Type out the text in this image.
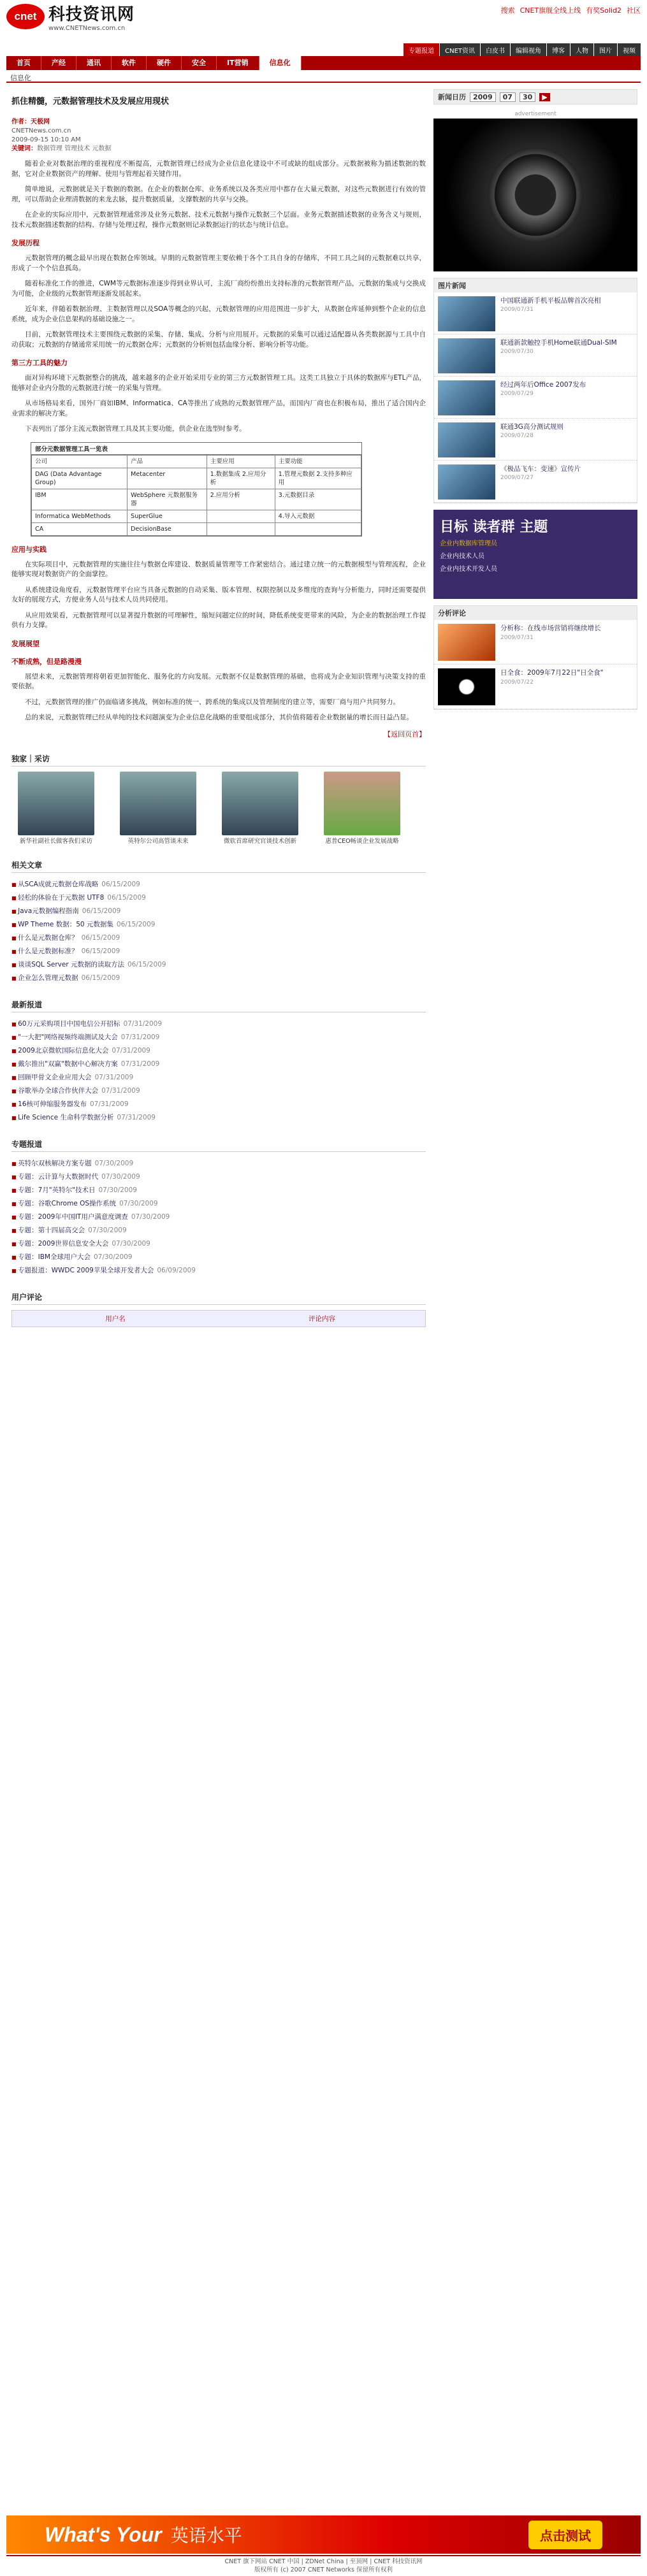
cnet 科技资讯网
www.CNETNews.com.cn
搜索 CNET旗舰全线上线 有奖Solid2 社区
专题报道	CNET资讯	白皮书	编辑视角	博客	人物	图片	视频
首页	产经	通讯	软件	硬件	安全	IT营销	信息化
信息化
抓住精髓，元数据管理技术及发展应用现状
作者：天极网
CNETNews.com.cn
2009-09-15 10:10 AM
关键词：数据管理 管理技术 元数据

随着企业对数据治理的重视程度不断提高，元数据管理已经成为企业信息化建设中不可或缺的组成部分。元数据被称为描述数据的数据，它对企业数据资产的理解、使用与管理起着关键作用。

简单地说，元数据就是关于数据的数据。在企业的数据仓库、业务系统以及各类应用中都存在大量元数据，对这些元数据进行有效的管理，可以帮助企业理清数据的来龙去脉，提升数据质量，支撑数据的共享与交换。

在企业的实际应用中，元数据管理通常涉及业务元数据、技术元数据与操作元数据三个层面。业务元数据描述数据的业务含义与规则，技术元数据描述数据的结构、存储与处理过程，操作元数据则记录数据运行的状态与统计信息。

发展历程

元数据管理的概念最早出现在数据仓库领域。早期的元数据管理主要依赖于各个工具自身的存储库，不同工具之间的元数据难以共享，形成了一个个信息孤岛。

随着标准化工作的推进，CWM等元数据标准逐步得到业界认可，主流厂商纷纷推出支持标准的元数据管理产品，元数据的集成与交换成为可能，企业级的元数据管理逐渐发展起来。

近年来，伴随着数据治理、主数据管理以及SOA等概念的兴起，元数据管理的应用范围进一步扩大，从数据仓库延伸到整个企业的信息系统，成为企业信息架构的基础设施之一。

目前，元数据管理技术主要围绕元数据的采集、存储、集成、分析与应用展开。元数据的采集可以通过适配器从各类数据源与工具中自动获取；元数据的存储通常采用统一的元数据仓库；元数据的分析则包括血缘分析、影响分析等功能。

第三方工具的魅力

面对异构环境下元数据整合的挑战，越来越多的企业开始采用专业的第三方元数据管理工具。这类工具独立于具体的数据库与ETL产品，能够对企业内分散的元数据进行统一的采集与管理。

从市场格局来看，国外厂商如IBM、Informatica、CA等推出了成熟的元数据管理产品，而国内厂商也在积极布局，推出了适合国内企业需求的解决方案。

下表列出了部分主流元数据管理工具及其主要功能，供企业在选型时参考。

部分元数据管理工具一览表
公司	产品	主要应用	主要功能
DAG (Data Advantage Group)	Metacenter	1.数据集成 2.应用分析	1.管理元数据 2.支持多种应用
IBM	WebSphere 元数据服务器	2.应用分析	3.元数据目录
Informatica WebMethods	SuperGlue		4.导入元数据
CA	DecisionBase		
应用与实践

在实际项目中，元数据管理的实施往往与数据仓库建设、数据质量管理等工作紧密结合。通过建立统一的元数据模型与管理流程，企业能够实现对数据资产的全面掌控。

从系统建设角度看，元数据管理平台应当具备元数据的自动采集、版本管理、权限控制以及多维度的查询与分析能力，同时还需要提供友好的展现方式，方便业务人员与技术人员共同使用。

从应用效果看，元数据管理可以显著提升数据的可理解性，缩短问题定位的时间，降低系统变更带来的风险，为企业的数据治理工作提供有力支撑。

发展展望
不断成熟，但是路漫漫

展望未来，元数据管理将朝着更加智能化、服务化的方向发展。元数据不仅是数据管理的基础，也将成为企业知识管理与决策支持的重要依据。

不过，元数据管理的推广仍面临诸多挑战，例如标准的统一、跨系统的集成以及管理制度的建立等，需要厂商与用户共同努力。

总的来说，元数据管理已经从单纯的技术问题演变为企业信息化战略的重要组成部分，其价值将随着企业数据量的增长而日益凸显。

【返回页首】
独家｜采访
新华社副社长做客我们采访	英特尔公司高管谈未来	微软首席研究官谈技术创新	惠普CEO畅谈企业发展战略
相关文章
■ 从SCA成就元数据仓库战略 06/15/2009
■ 轻松的体验在于元数据 UTF8 06/15/2009
■ Java元数据编程指南 06/15/2009
■ WP Theme 数据：50 元数据集 06/15/2009
■ 什么是元数据仓库？ 06/15/2009
■ 什么是元数据标准？ 06/15/2009
■ 谈谈SQL Server 元数据的读取方法 06/15/2009
■ 企业怎么管理元数据 06/15/2009
最新报道
■ 60万元采购项目中国电信公开招标 07/31/2009
■ "一大把"网络视频终端测试及大会 07/31/2009
■ 2009北京微软国际信息化大会 07/31/2009
■ 戴尔推出"双赢"数据中心解决方案 07/31/2009
■ 回顾甲骨文企业应用大会 07/31/2009
■ 谷歌举办全球合作伙伴大会 07/31/2009
■ 16核可伸缩服务器发布 07/31/2009
■ Life Science 生命科学数据分析 07/31/2009
专题报道
■ 英特尔双核解决方案专题 07/30/2009
■ 专题：云计算与大数据时代 07/30/2009
■ 专题：7月"英特尔"技术日 07/30/2009
■ 专题：谷歌Chrome OS操作系统 07/30/2009
■ 专题：2009年中国IT用户满意度调查 07/30/2009
■ 专题：第十四届高交会 07/30/2009
■ 专题：2009世界信息安全大会 07/30/2009
■ 专题：IBM全球用户大会 07/30/2009
■ 专题报道：WWDC 2009苹果全球开发者大会 06/09/2009
用户评论
用户名	评论内容
新闻日历	2009	07	30	▶
advertisement
图片新闻
中国联通新手机平板品牌首次亮相
2009/07/31
联通新款触控手机Home联通Dual-SIM
2009/07/30
经过两年后Office 2007发布
2009/07/29
联通3G高分测试规则
2009/07/28
《极品飞车：变速》宣传片
2009/07/27
目标 读者群 主题

企业内数据库管理员

企业内技术人员

企业内技术开发人员

分析评论
分析称：在线市场营销将继续增长
2009/07/31
日全食：2009年7月22日"日全食"
2009/07/22
What's Your 英语水平	点击测试
CNET 旗下网站 CNET 中国 | ZDNet China | 至顶网 | CNET 科技资讯网
版权所有 (c) 2007 CNET Networks 保留所有权利
